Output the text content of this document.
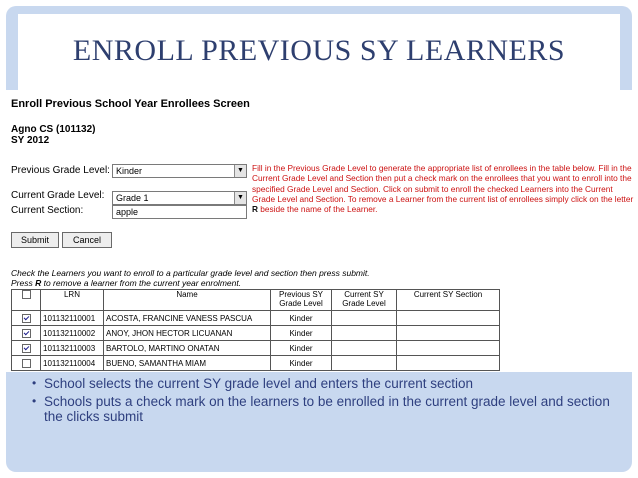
ENROLL PREVIOUS SY LEARNERS
Enroll Previous School Year Enrollees Screen
Agno CS (101132)
SY 2012
Previous Grade Level: Kinder	▼
Current Grade Level:	Grade 1	▼
Current Section:	apple
Fill in the Previous Grade Level to generate the appropriate list of enrollees in the table below. Fill in the Current Grade Level and Section then put a check mark on the enrollees that you want to enroll into the specified Grade Level and Section. Click on submit to enroll the checked Learners into the Current Grade Level and Section. To remove a Learner from the current list of enrollees simply click on the letter R beside the name of the Learner.
Submit	Cancel
Check the Learners you want to enroll to a particular grade level and section then press submit.
Press R to remove a learner from the current year enrolment.
	LRN	Name	Previous SY Grade Level	Current SY Grade Level	Current SY Section
	101132110001	ACOSTA, FRANCINE VANESS PASCUA	Kinder		
	101132110002	ANOY, JHON HECTOR LICUANAN	Kinder		
	101132110003	BARTOLO, MARTINO ONATAN	Kinder		
	101132110004	BUENO, SAMANTHA MIAM	Kinder		
• School selects the current SY grade level and enters the current section
• Schools puts a check mark on the learners to be enrolled in the current grade level and section the clicks submit
